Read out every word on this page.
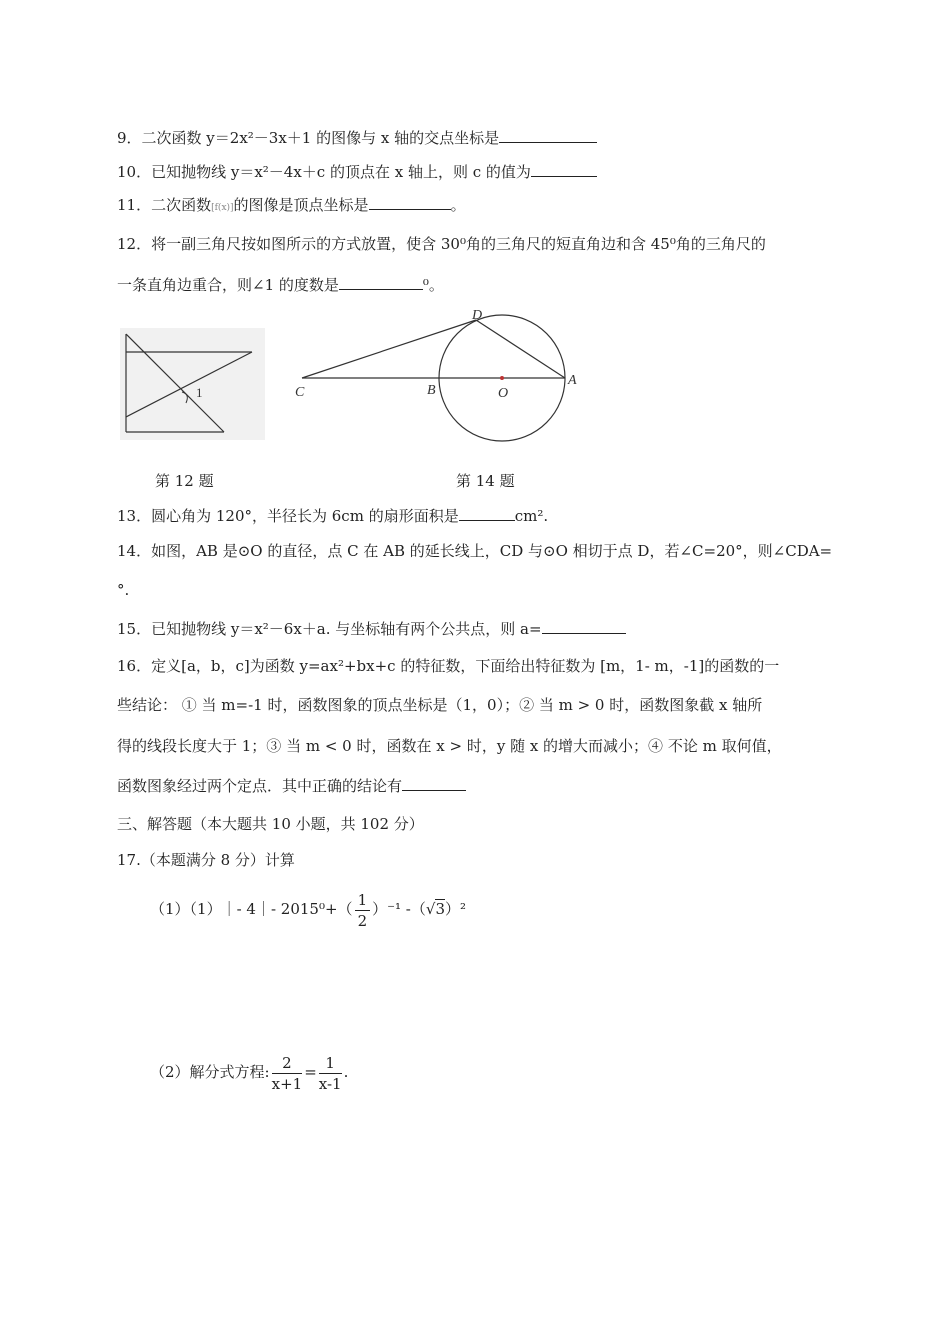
9．二次函数 y＝2x²－3x＋1 的图像与 x 轴的交点坐标是
10．已知抛物线 y＝x²－4x＋c 的顶点在 x 轴上，则 c 的值为
11．二次函数[f(x)]的图像是顶点坐标是	。
12．将一副三角尺按如图所示的方式放置，使含 30⁰角的三角尺的短直角边和含 45⁰角的三角尺的
一条直角边重合，则∠1 的度数是	⁰。
1	C	B	O
A
D
第 12 题	第 14 题
13．圆心角为 120°，半径长为 6cm 的扇形面积是	cm².
14．如图，AB 是⊙O 的直径，点 C 在 AB 的延长线上，CD 与⊙O 相切于点 D，若∠C=20°，则∠CDA=
°.
15．已知抛物线 y＝x²－6x＋a. 与坐标轴有两个公共点，则 a=
16．定义[a，b，c]为函数 y=ax²+bx+c 的特征数，下面给出特征数为 [m，1- m，-1]的函数的一
些结论： ① 当 m=-1 时，函数图象的顶点坐标是（1，0）；② 当 m > 0 时，函数图象截 x 轴所
得的线段长度大于 1；③ 当 m < 0 时，函数在 x > 时，y 随 x 的增大而减小；④ 不论 m 取何值，
函数图象经过两个定点．其中正确的结论有
三、解答题（本大题共 10 小题，共 102 分）
17.（本题满分 8 分）计算
（1）（1）｜- 4｜- $2015^0+( \frac{1}{2} )^{-1}$ -（√3）²
（2）解分式方程: $\frac{2}{x+1} = \frac{1}{x-1}$ .
